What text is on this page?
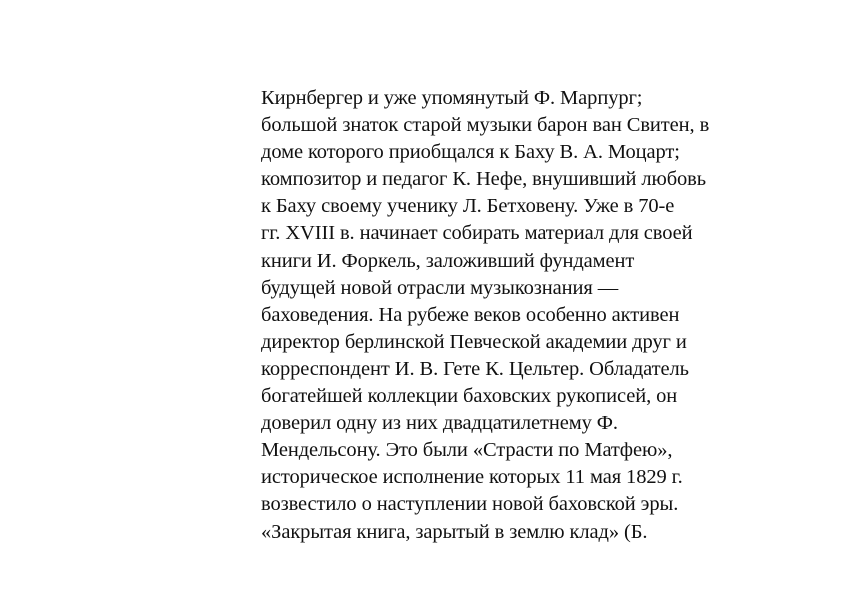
Кирнбергер и уже упомянутый Ф. Марпург;
большой знаток старой музыки барон ван Свитен, в
доме которого приобщался к Баху В. А. Моцарт;
композитор и педагог К. Нефе, внушивший любовь
к Баху своему ученику Л. Бетховену. Уже в 70-е
гг. XVIII в. начинает собирать материал для своей
книги И. Форкель, заложивший фундамент
будущей новой отрасли музыкознания —
баховедения. На рубеже веков особенно активен
директор берлинской Певческой академии друг и
корреспондент И. В. Гете К. Цельтер. Обладатель
богатейшей коллекции баховских рукописей, он
доверил одну из них двадцатилетнему Ф.
Мендельсону. Это были «Страсти по Матфею»,
историческое исполнение которых 11 мая 1829 г.
возвестило о наступлении новой баховской эры.
«Закрытая книга, зарытый в землю клад» (Б.
